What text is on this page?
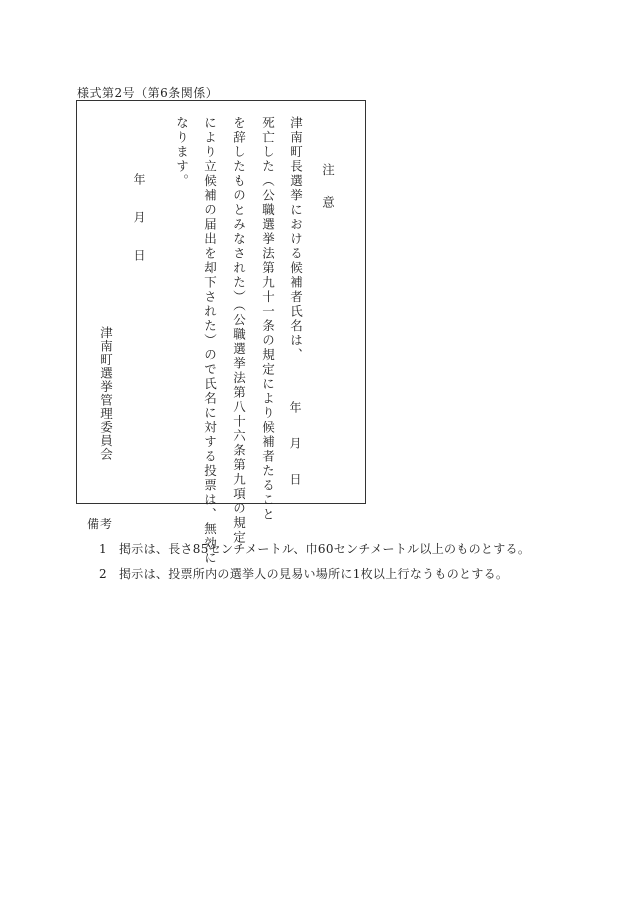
様式第2号（第6条関係）
注意
津南町長選挙における候補者氏名は、
年月日
死亡した（公職選挙法第九十一条の規定により候補者たること
を辞したものとみなされた）（公職選挙法第八十六条第九項の規定
により立候補の届出を却下された）ので氏名に対する投票は、無効に
なります。
年月日
津南町選挙管理委員会
備考
1	掲示は、長さ85センチメートル、巾60センチメートル以上のものとする。
2	掲示は、投票所内の選挙人の見易い場所に1枚以上行なうものとする。
